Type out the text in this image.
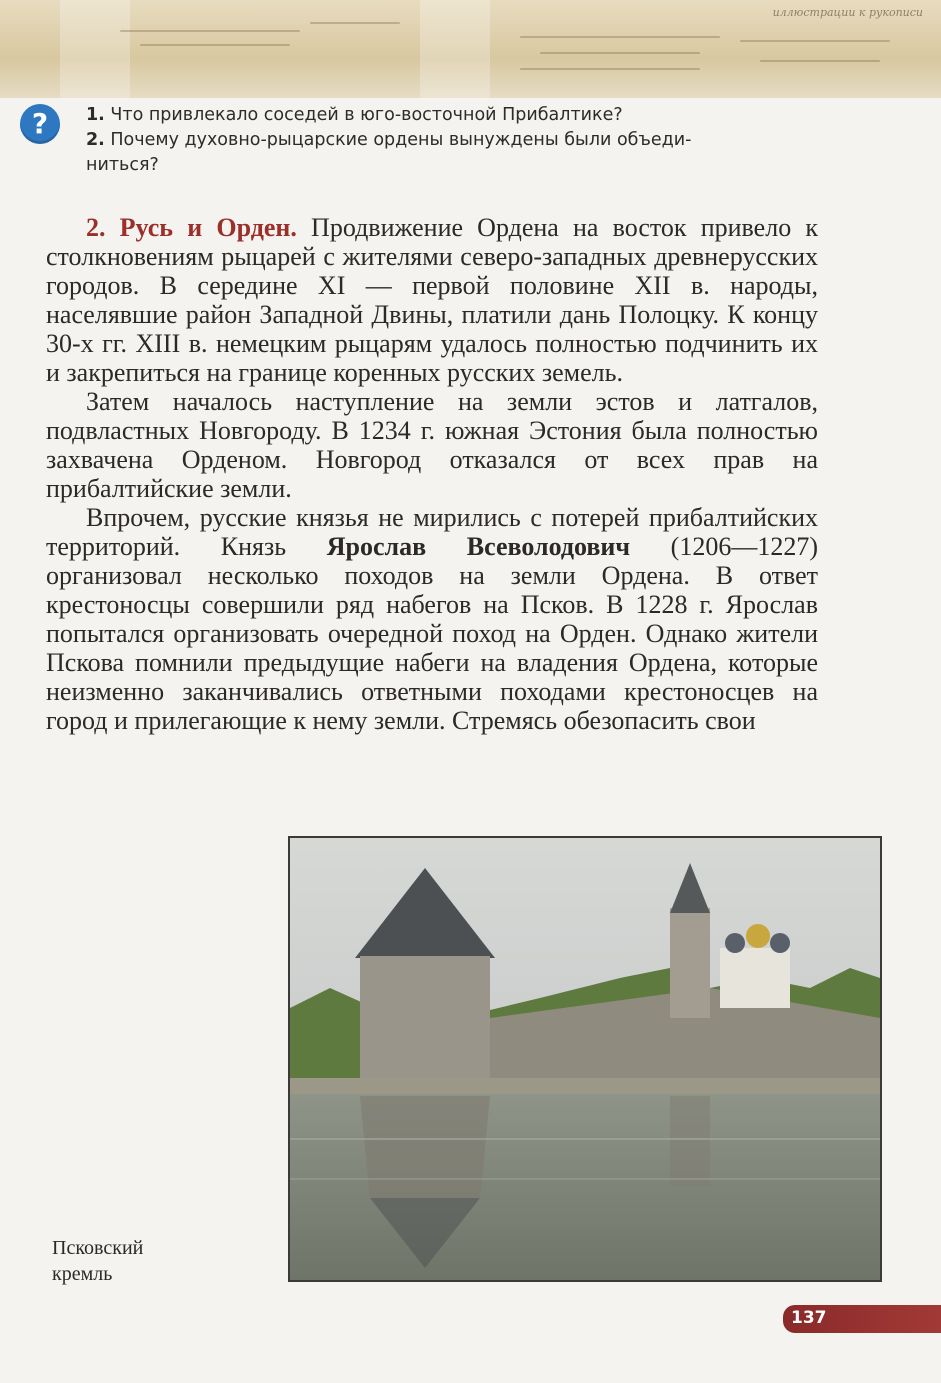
иллюстрации к рукописи
?	1. Что привлекало соседей в юго-восточной Прибалтике?

2. Почему духовно-рыцарские ордены вынуждены были объеди-

ниться?

2. Русь и Орден. Продвижение Ордена на восток привело к столкновениям рыцарей с жителями северо-западных древнерусских городов. В середине XI — первой половине XII в. народы, населявшие район Западной Двины, платили дань Полоцку. К концу 30-х гг. XIII в. немецким рыцарям удалось полностью подчинить их и закрепиться на границе коренных русских земель.

Затем началось наступление на земли эстов и латгалов, подвластных Новгороду. В 1234 г. южная Эстония была полностью захвачена Орденом. Новгород отказался от всех прав на прибалтийские земли.

Впрочем, русские князья не мирились с потерей прибалтийских территорий. Князь Ярослав Всеволодович (1206—1227) организовал несколько походов на земли Ордена. В ответ крестоносцы совершили ряд набегов на Псков. В 1228 г. Ярослав попытался организовать очередной поход на Орден. Однако жители Пскова помнили предыдущие набеги на владения Ордена, которые неизменно заканчивались ответными походами крестоносцев на город и прилегающие к нему земли. Стремясь обезопасить свои

Псковский
кремль
137
